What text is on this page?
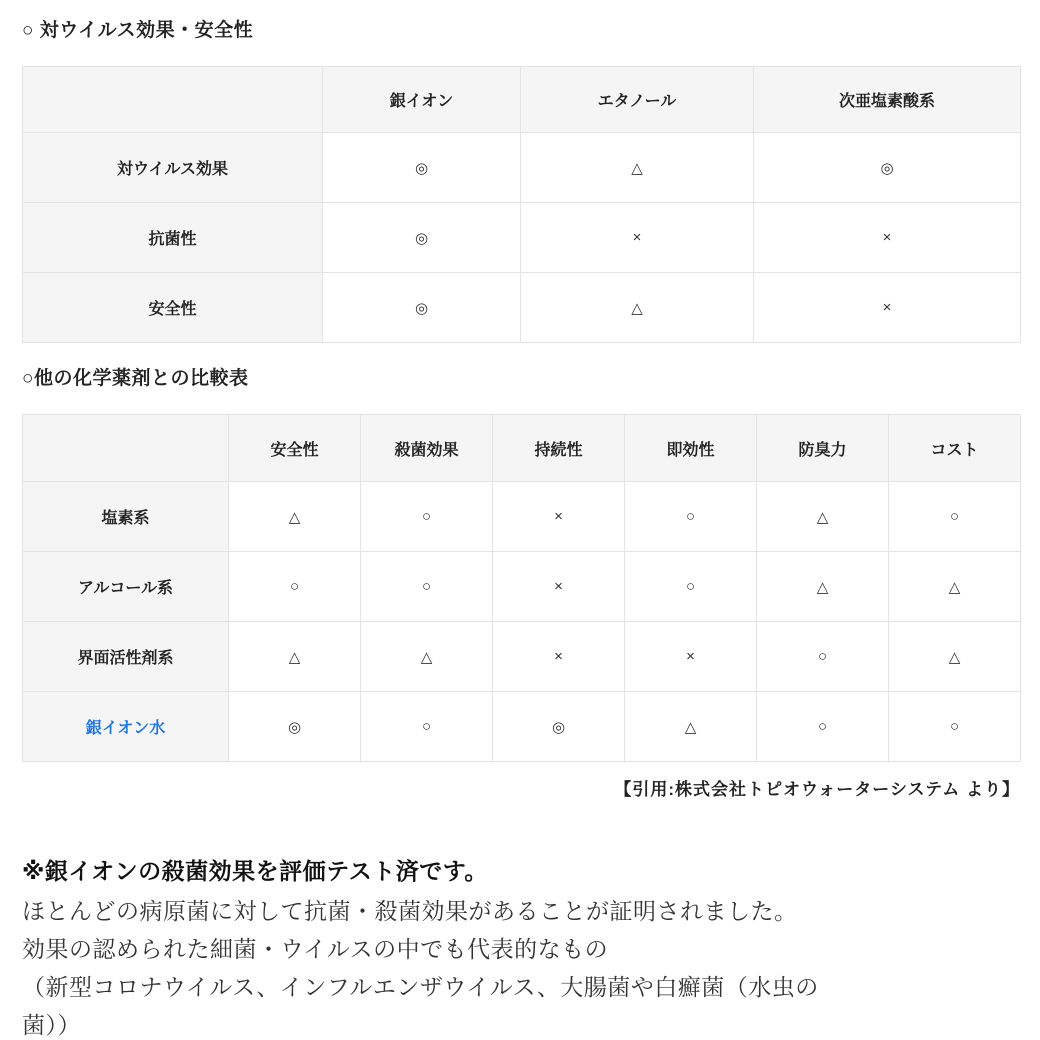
○ 対ウイルス効果・安全性
	銀イオン	エタノール	次亜塩素酸系
対ウイルス効果	◎	△	◎
抗菌性	◎	×	×
安全性	◎	△	×
○他の化学薬剤との比較表
	安全性	殺菌効果	持続性	即効性	防臭力	コスト
塩素系	△	○	×	○	△	○
アルコール系	○	○	×	○	△	△
界面活性剤系	△	△	×	×	○	△
銀イオン水	◎	○	◎	△	○	○
【引用:株式会社トピオウォーターシステム より】
※銀イオンの殺菌効果を評価テスト済です。
ほとんどの病原菌に対して抗菌・殺菌効果があることが証明されました。
効果の認められた細菌・ウイルスの中でも代表的なもの
（新型コロナウイルス、インフルエンザウイルス、大腸菌や白癬菌（水虫の
菌））
